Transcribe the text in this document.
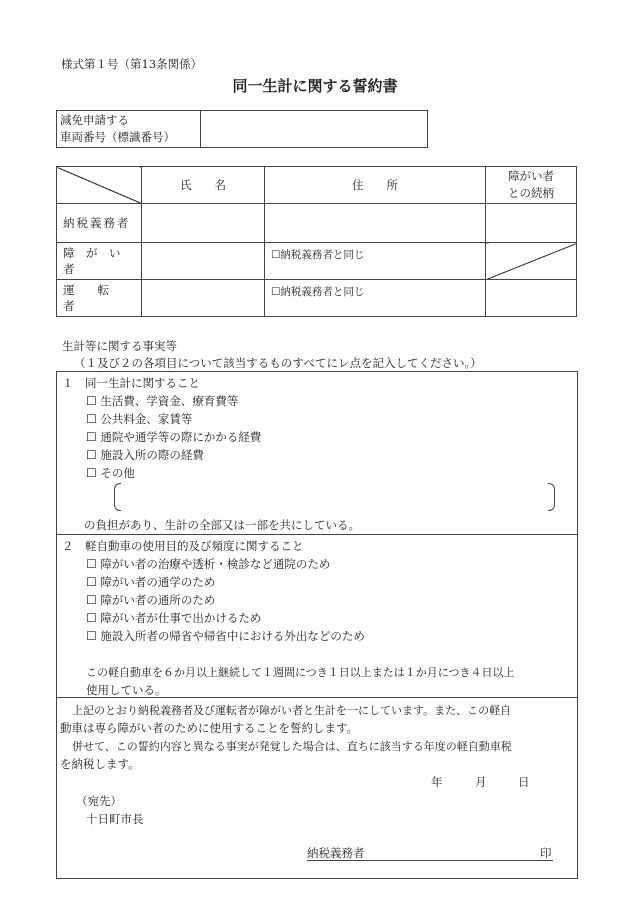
様式第１号（第13条関係）
同一生計に関する誓約書
減免申請する
車両番号（標識番号）

	氏　　名	住　　所	障がい者
との続柄

納税義務者			
障　が　い　者		☐納税義務者と同じ	
運　　転　　者		☐納税義務者と同じ	
生計等に関する事実等
（１及び２の各項目について該当するものすべてにレ点を記入してください。）
１　同一生計に関すること
☐ 生活費、学資金、療育費等
☐ 公共料金、家賃等
☐ 通院や通学等の際にかかる経費
☐ 施設入所の際の経費
☐ その他
の負担があり、生計の全部又は一部を共にしている。
２　軽自動車の使用目的及び頻度に関すること
☐ 障がい者の治療や透析・検診など通院のため
☐ 障がい者の通学のため
☐ 障がい者の通所のため
☐ 障がい者が仕事で出かけるため
☐ 施設入所者の帰省や帰省中における外出などのため
この軽自動車を６か月以上継続して１週間につき１日以上または１か月につき４日以上
使用している。
上記のとおり納税義務者及び運転者が障がい者と生計を一にしています。また、この軽自
動車は専ら障がい者のために使用することを誓約します。
併せて、この誓約内容と異なる事実が発覚した場合は、直ちに該当する年度の軽自動車税
を納税します。
年	月	日
（宛先）
十日町市長
納税義務者	印
